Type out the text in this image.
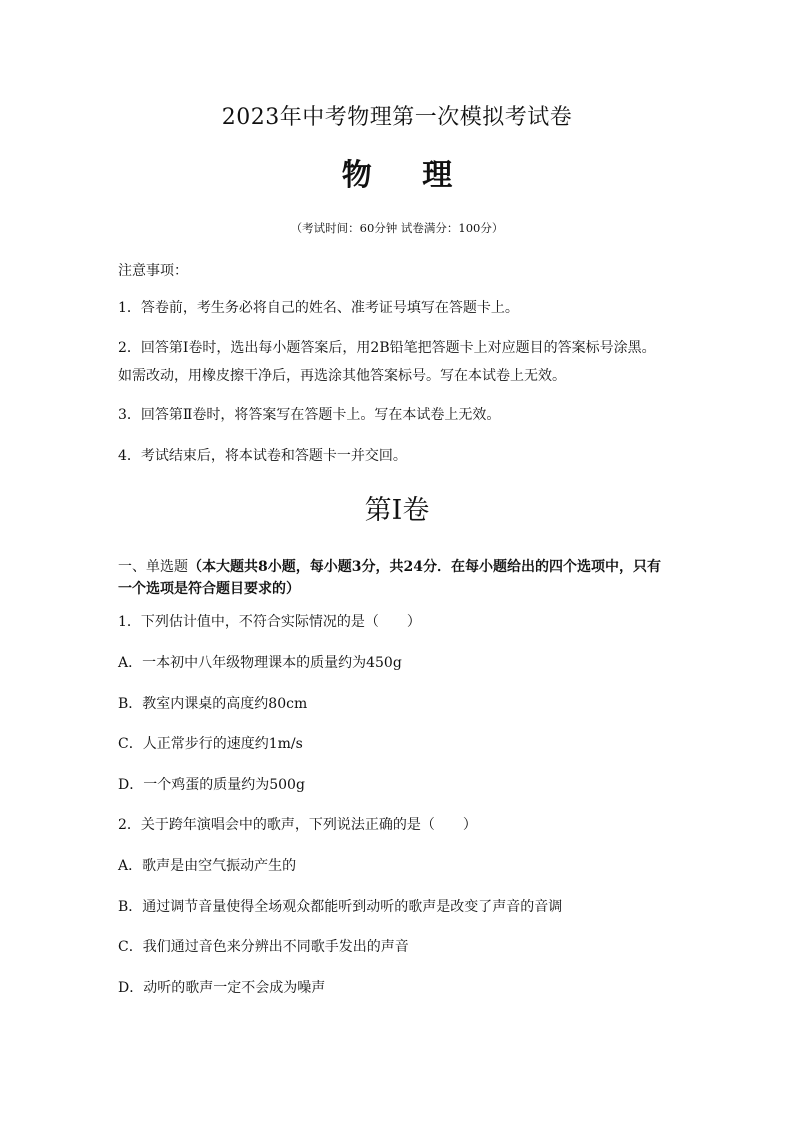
2023年中考物理第一次模拟考试卷
物 理
（考试时间：60分钟 试卷满分：100分）
注意事项：
1．答卷前，考生务必将自己的姓名、准考证号填写在答题卡上。
2．回答第Ⅰ卷时，选出每小题答案后，用2B铅笔把答题卡上对应题目的答案标号涂黑。
如需改动，用橡皮擦干净后，再选涂其他答案标号。写在本试卷上无效。
3．回答第Ⅱ卷时，将答案写在答题卡上。写在本试卷上无效。
4．考试结束后，将本试卷和答题卡一并交回。
第Ⅰ卷
一、单选题（本大题共8小题，每小题3分，共24分．在每小题给出的四个选项中，只有
一个选项是符合题目要求的）
1．下列估计值中，不符合实际情况的是（　　）
A．一本初中八年级物理课本的质量约为450g
B．教室内课桌的高度约80cm
C．人正常步行的速度约1m/s
D．一个鸡蛋的质量约为500g
2．关于跨年演唱会中的歌声，下列说法正确的是（　　）
A．歌声是由空气振动产生的
B．通过调节音量使得全场观众都能听到动听的歌声是改变了声音的音调
C．我们通过音色来分辨出不同歌手发出的声音
D．动听的歌声一定不会成为噪声
